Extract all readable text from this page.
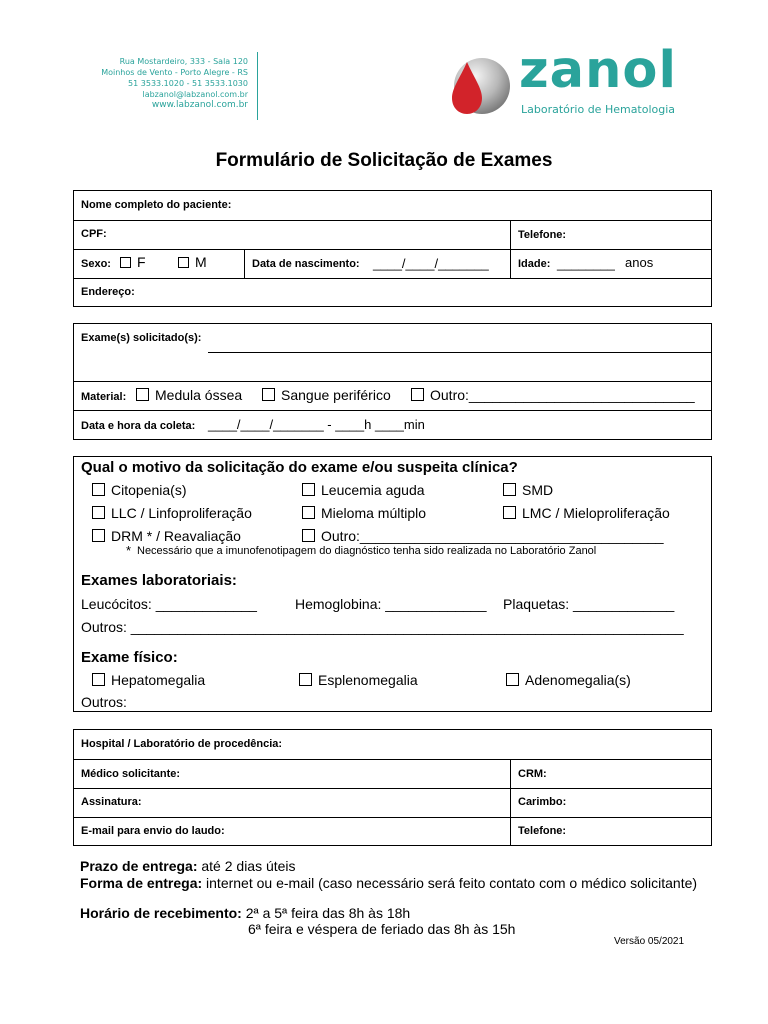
Rua Mostardeiro, 333 - Sala 120
Moinhos de Vento - Porto Alegre - RS
51 3533.1020 - 51 3533.1030
labzanol@labzanol.com.br
www.labzanol.com.br
zanol
Laboratório de Hematologia
Formulário de Solicitação de Exames
Nome completo do paciente:
CPF:	Telefone:
Sexo:	F	M	Data de nascimento: ____/____/_______	Idade: ________ anos
Endereço:
Exame(s) solicitado(s):
Material:	Medula óssea	Sangue periférico	Outro:_____________________________
Data e hora da coleta: ____/____/_______ - ____h ____min
Qual o motivo da solicitação do exame e/ou suspeita clínica?
Citopenia(s)
LLC / Linfoproliferação
DRM * / Reavaliação
Leucemia aguda
Mieloma múltiplo
Outro:_______________________________________
SMD
LMC / Mieloproliferação
* Necessário que a imunofenotipagem do diagnóstico tenha sido realizada no Laboratório Zanol
Exames laboratoriais:
Leucócitos: _____________	Hemoglobina: _____________ Plaquetas: _____________
Outros: _______________________________________________________________________
Exame físico:
Hepatomegalia	Esplenomegalia	Adenomegalia(s)
Outros:
Hospital / Laboratório de procedência:
Médico solicitante:	CRM:
Assinatura:	Carimbo:
E-mail para envio do laudo:	Telefone:
Prazo de entrega: até 2 dias úteis
Forma de entrega: internet ou e-mail (caso necessário será feito contato com o médico solicitante)
Horário de recebimento: 2ª a 5ª feira das 8h às 18h
6ª feira e véspera de feriado das 8h às 15h
Versão 05/2021
